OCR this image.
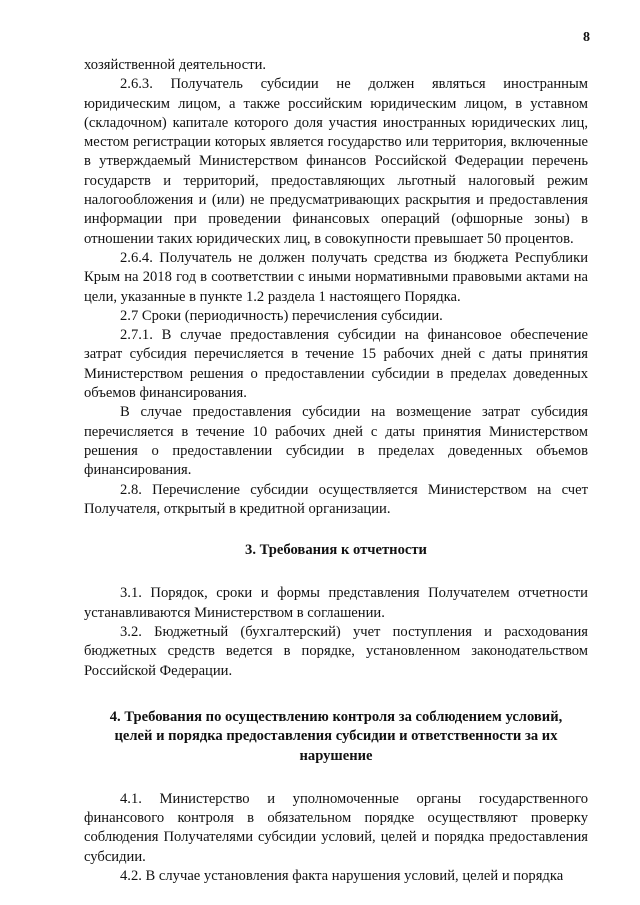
8

хозяйственной деятельности.

2.6.3. Получатель субсидии не должен являться иностранным юридическим лицом, а также российским юридическим лицом, в уставном (складочном) капитале которого доля участия иностранных юридических лиц, местом регистрации которых является государство или территория, включенные в утверждаемый Министерством финансов Российской Федерации перечень государств и территорий, предоставляющих льготный налоговый режим налогообложения и (или) не предусматривающих раскрытия и предоставления информации при проведении финансовых операций (офшорные зоны) в отношении таких юридических лиц, в совокупности превышает 50 процентов.

2.6.4. Получатель не должен получать средства из бюджета Республики Крым на 2018 год в соответствии с иными нормативными правовыми актами на цели, указанные в пункте 1.2 раздела 1 настоящего Порядка.

2.7 Сроки (периодичность) перечисления субсидии.

2.7.1. В случае предоставления субсидии на финансовое обеспечение затрат субсидия перечисляется в течение 15 рабочих дней с даты принятия Министерством решения о предоставлении субсидии в пределах доведенных объемов финансирования.

В случае предоставления субсидии на возмещение затрат субсидия перечисляется в течение 10 рабочих дней с даты принятия Министерством решения о предоставлении субсидии в пределах доведенных объемов финансирования.

2.8. Перечисление субсидии осуществляется Министерством на счет Получателя, открытый в кредитной организации.

3. Требования к отчетности

3.1. Порядок, сроки и формы представления Получателем отчетности устанавливаются Министерством в соглашении.

3.2. Бюджетный (бухгалтерский) учет поступления и расходования бюджетных средств ведется в порядке, установленном законодательством Российской Федерации.

4. Требования по осуществлению контроля за соблюдением условий, целей и порядка предоставления субсидии и ответственности за их нарушение

4.1. Министерство и уполномоченные органы государственного финансового контроля в обязательном порядке осуществляют проверку соблюдения Получателями субсидии условий, целей и порядка предоставления субсидии.

4.2. В случае установления факта нарушения условий, целей и порядка
